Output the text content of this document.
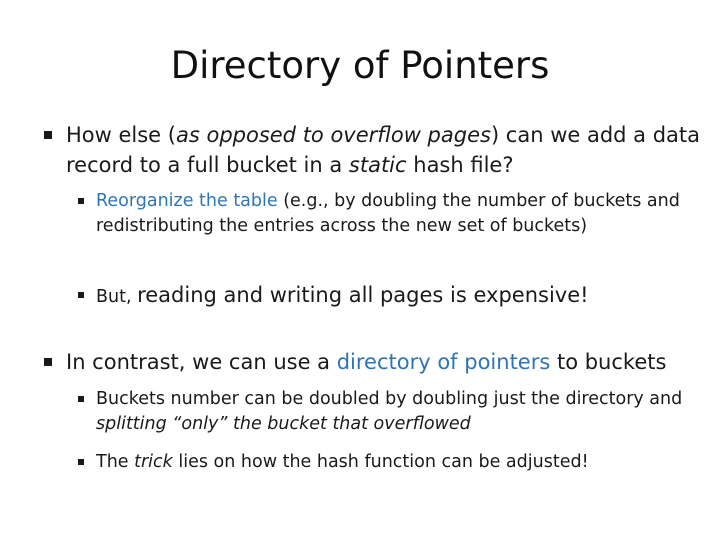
Directory of Pointers
How else (as opposed to overflow pages) can we add a data record to a full bucket in a static hash file?
Reorganize the table (e.g., by doubling the number of buckets and redistributing the entries across the new set of buckets)
But, reading and writing all pages is expensive!
In contrast, we can use a directory of pointers to buckets
Buckets number can be doubled by doubling just the directory and splitting “only” the bucket that overflowed
The trick lies on how the hash function can be adjusted!
